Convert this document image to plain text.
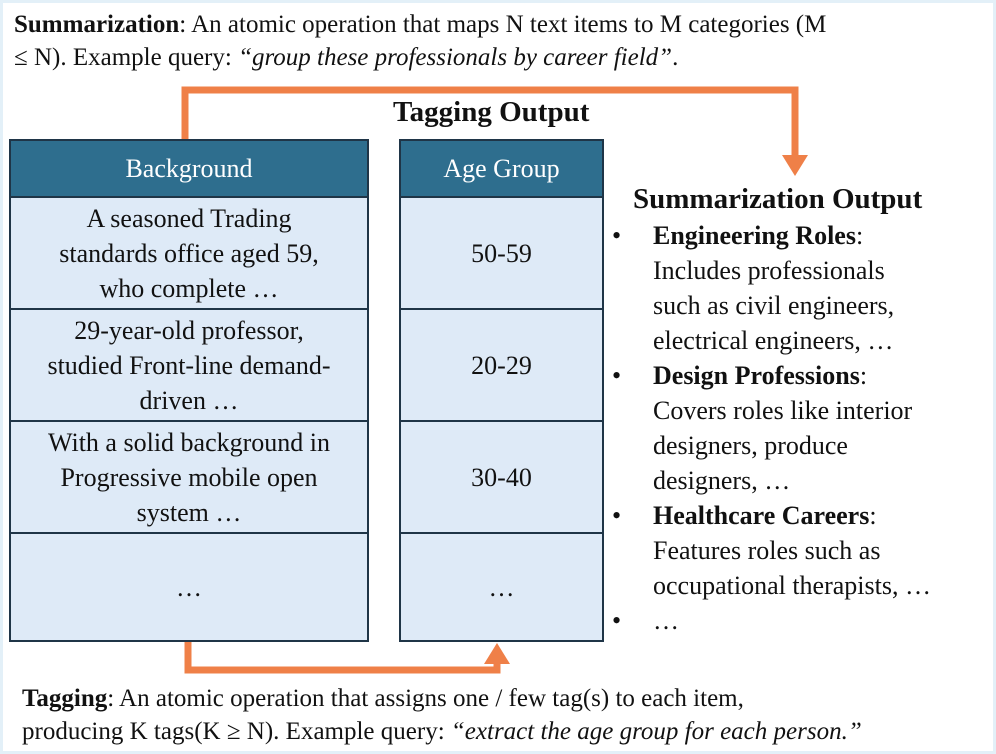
Summarization: An atomic operation that maps N text items to M categories (M
≤ N). Example query: “group these professionals by career field”.
Tagging Output
Background
A seasoned Trading
standards office aged 59,
who complete …
29-year-old professor,
studied Front-line demand-
driven …
With a solid background in
Progressive mobile open
system …
…
Age Group
50-59
20-29
30-40
…
Summarization Output
• Engineering Roles:
Includes professionals
such as civil engineers,
electrical engineers, …
• Design Professions:
Covers roles like interior
designers, produce
designers, …
• Healthcare Careers:
Features roles such as
occupational therapists, …
• …
Tagging: An atomic operation that assigns one / few tag(s) to each item,
producing K tags(K ≥ N). Example query: “extract the age group for each person.”
